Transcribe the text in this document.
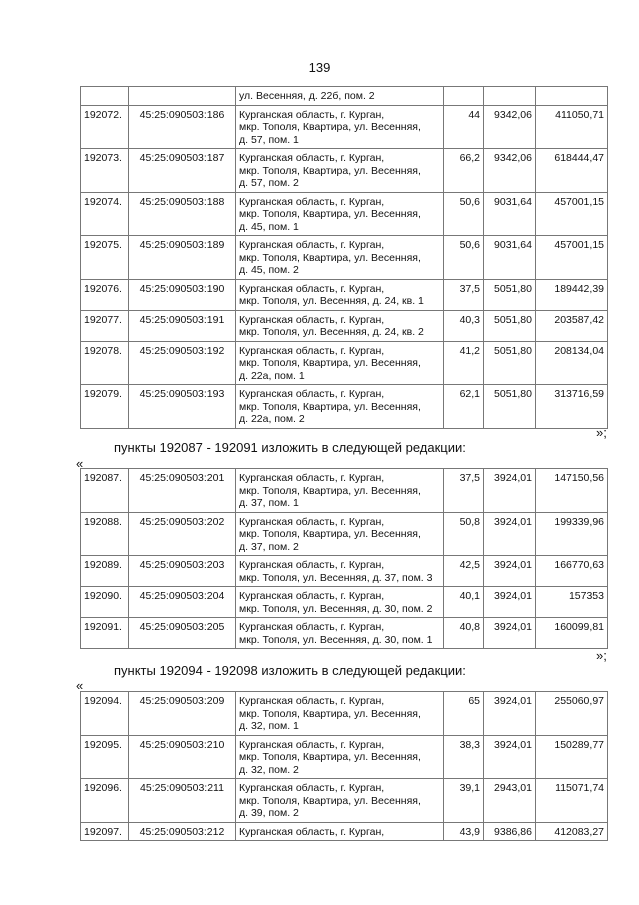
139
		ул. Весенняя, д. 22б, пом. 2			
192072.	45:25:090503:186	Курганская область, г. Курган,
мкр. Тополя, Квартира, ул. Весенняя,
д. 57, пом. 1	44	9342,06	411050,71
192073.	45:25:090503:187	Курганская область, г. Курган,
мкр. Тополя, Квартира, ул. Весенняя,
д. 57, пом. 2	66,2	9342,06	618444,47
192074.	45:25:090503:188	Курганская область, г. Курган,
мкр. Тополя, Квартира, ул. Весенняя,
д. 45, пом. 1	50,6	9031,64	457001,15
192075.	45:25:090503:189	Курганская область, г. Курган,
мкр. Тополя, Квартира, ул. Весенняя,
д. 45, пом. 2	50,6	9031,64	457001,15
192076.	45:25:090503:190	Курганская область, г. Курган,
мкр. Тополя, ул. Весенняя, д. 24, кв. 1	37,5	5051,80	189442,39
192077.	45:25:090503:191	Курганская область, г. Курган,
мкр. Тополя, ул. Весенняя, д. 24, кв. 2	40,3	5051,80	203587,42
192078.	45:25:090503:192	Курганская область, г. Курган,
мкр. Тополя, Квартира, ул. Весенняя,
д. 22а, пом. 1	41,2	5051,80	208134,04
192079.	45:25:090503:193	Курганская область, г. Курган,
мкр. Тополя, Квартира, ул. Весенняя,
д. 22а, пом. 2	62,1	5051,80	313716,59
»;
пункты 192087 - 192091 изложить в следующей редакции:
«
192087.	45:25:090503:201	Курганская область, г. Курган,
мкр. Тополя, Квартира, ул. Весенняя,
д. 37, пом. 1	37,5	3924,01	147150,56
192088.	45:25:090503:202	Курганская область, г. Курган,
мкр. Тополя, Квартира, ул. Весенняя,
д. 37, пом. 2	50,8	3924,01	199339,96
192089.	45:25:090503:203	Курганская область, г. Курган,
мкр. Тополя, ул. Весенняя, д. 37, пом. 3	42,5	3924,01	166770,63
192090.	45:25:090503:204	Курганская область, г. Курган,
мкр. Тополя, ул. Весенняя, д. 30, пом. 2	40,1	3924,01	157353
192091.	45:25:090503:205	Курганская область, г. Курган,
мкр. Тополя, ул. Весенняя, д. 30, пом. 1	40,8	3924,01	160099,81
»;
пункты 192094 - 192098 изложить в следующей редакции:
«
192094.	45:25:090503:209	Курганская область, г. Курган,
мкр. Тополя, Квартира, ул. Весенняя,
д. 32, пом. 1	65	3924,01	255060,97
192095.	45:25:090503:210	Курганская область, г. Курган,
мкр. Тополя, Квартира, ул. Весенняя,
д. 32, пом. 2	38,3	3924,01	150289,77
192096.	45:25:090503:211	Курганская область, г. Курган,
мкр. Тополя, Квартира, ул. Весенняя,
д. 39, пом. 2	39,1	2943,01	115071,74
192097.	45:25:090503:212	Курганская область, г. Курган,	43,9	9386,86	412083,27
